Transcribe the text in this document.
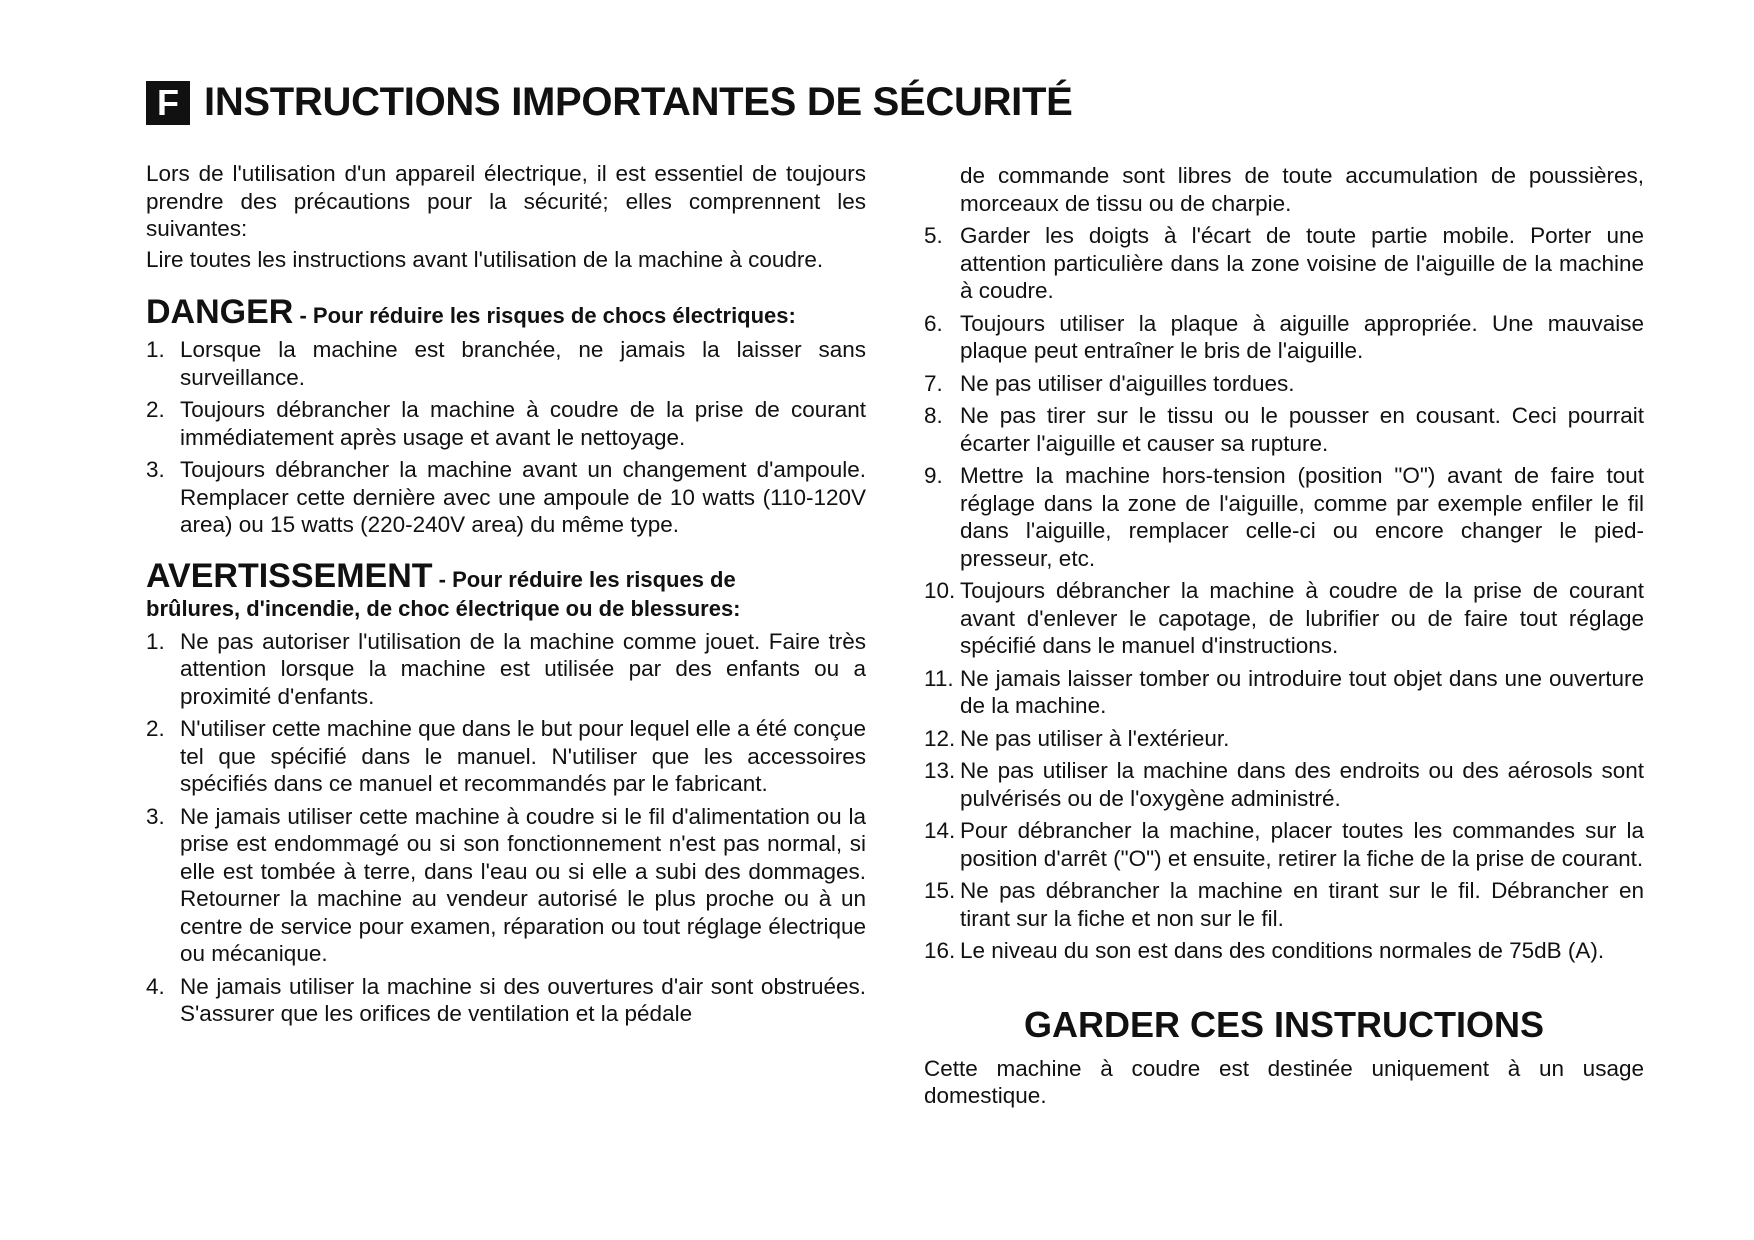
F INSTRUCTIONS IMPORTANTES DE SÉCURITÉ

Lors de l'utilisation d'un appareil électrique, il est essentiel de toujours prendre des précautions pour la sécurité; elles comprennent les suivantes:

Lire toutes les instructions avant l'utilisation de la machine à coudre.

DANGER - Pour réduire les risques de chocs électriques:
1. Lorsque la machine est branchée, ne jamais la laisser sans surveillance.
2. Toujours débrancher la machine à coudre de la prise de courant immédiatement après usage et avant le nettoyage.
3. Toujours débrancher la machine avant un changement d'ampoule. Remplacer cette dernière avec une ampoule de 10 watts (110-120V area) ou 15 watts (220-240V area) du même type.
AVERTISSEMENT - Pour réduire les risques de
brûlures, d'incendie, de choc électrique ou de blessures:
1. Ne pas autoriser l'utilisation de la machine comme jouet. Faire très attention lorsque la machine est utilisée par des enfants ou a proximité d'enfants.
2. N'utiliser cette machine que dans le but pour lequel elle a été conçue tel que spécifié dans le manuel. N'utiliser que les accessoires spécifiés dans ce manuel et recommandés par le fabricant.
3. Ne jamais utiliser cette machine à coudre si le fil d'alimentation ou la prise est endommagé ou si son fonctionnement n'est pas normal, si elle est tombée à terre, dans l'eau ou si elle a subi des dommages. Retourner la machine au vendeur autorisé le plus proche ou à un centre de service pour examen, réparation ou tout réglage électrique ou mécanique.
4. Ne jamais utiliser la machine si des ouvertures d'air sont obstruées. S'assurer que les orifices de ventilation et la pédale

de commande sont libres de toute accumulation de poussières, morceaux de tissu ou de charpie.

5. Garder les doigts à l'écart de toute partie mobile. Porter une attention particulière dans la zone voisine de l'aiguille de la machine à coudre.
6. Toujours utiliser la plaque à aiguille appropriée. Une mauvaise plaque peut entraîner le bris de l'aiguille.
7. Ne pas utiliser d'aiguilles tordues.
8. Ne pas tirer sur le tissu ou le pousser en cousant. Ceci pourrait écarter l'aiguille et causer sa rupture.
9. Mettre la machine hors-tension (position "O") avant de faire tout réglage dans la zone de l'aiguille, comme par exemple enfiler le fil dans l'aiguille, remplacer celle-ci ou encore changer le pied-presseur, etc.
10. Toujours débrancher la machine à coudre de la prise de courant avant d'enlever le capotage, de lubrifier ou de faire tout réglage spécifié dans le manuel d'instructions.
11. Ne jamais laisser tomber ou introduire tout objet dans une ouverture de la machine.
12. Ne pas utiliser à l'extérieur.
13. Ne pas utiliser la machine dans des endroits ou des aérosols sont pulvérisés ou de l'oxygène administré.
14. Pour débrancher la machine, placer toutes les commandes sur la position d'arrêt ("O") et ensuite, retirer la fiche de la prise de courant.
15. Ne pas débrancher la machine en tirant sur le fil. Débrancher en tirant sur la fiche et non sur le fil.
16. Le niveau du son est dans des conditions normales de 75dB (A).
GARDER CES INSTRUCTIONS

Cette machine à coudre est destinée uniquement à un usage domestique.
